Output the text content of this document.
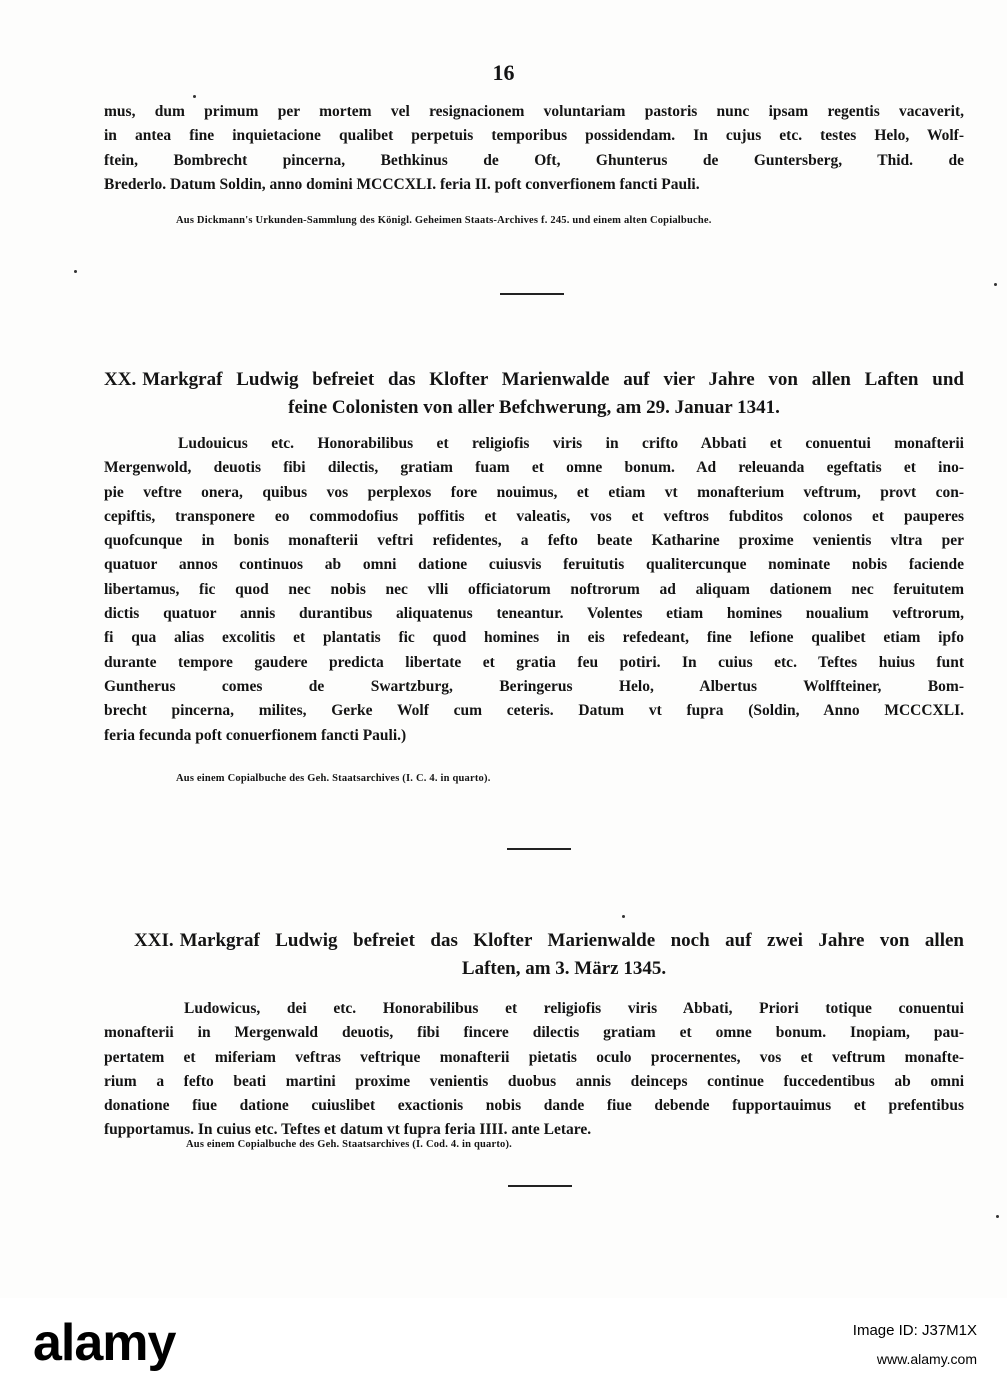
16
mus, dum primum per mortem vel resignacionem voluntariam pastoris nunc ipsam regentis vacaverit,
in antea fine inquietacione qualibet perpetuis temporibus possidendam. In cujus etc. testes Helo, Wolf-
ftein, Bombrecht pincerna, Bethkinus de Oft, Ghunterus de Guntersberg, Thid. de
Brederlo. Datum Soldin, anno domini MCCCXLI. feria II. poft converfionem fancti Pauli.
Aus Dickmann's Urkunden-Sammlung des Königl. Geheimen Staats-Archives f. 245. und einem alten Copialbuche.
XX. Markgraf Ludwig befreiet das Klofter Marienwalde auf vier Jahre von allen Laften und
feine Colonisten von aller Befchwerung, am 29. Januar 1341.
Ludouicus etc. Honorabilibus et religiofis viris in crifto Abbati et conuentui monafterii
Mergenwold, deuotis fibi dilectis, gratiam fuam et omne bonum. Ad releuanda egeftatis et ino-
pie veftre onera, quibus vos perplexos fore nouimus, et etiam vt monafterium veftrum, provt con-
cepiftis, transponere eo commodofius poffitis et valeatis, vos et veftros fubditos colonos et pauperes
quofcunque in bonis monafterii veftri refidentes, a fefto beate Katharine proxime venientis vltra per
quatuor annos continuos ab omni datione cuiusvis feruitutis qualitercunque nominate nobis faciende
libertamus, fic quod nec nobis nec vlli officiatorum noftrorum ad aliquam dationem nec feruitutem
dictis quatuor annis durantibus aliquatenus teneantur. Volentes etiam homines noualium veftrorum,
fi qua alias excolitis et plantatis fic quod homines in eis refedeant, fine lefione qualibet etiam ipfo
durante tempore gaudere predicta libertate et gratia feu potiri. In cuius etc. Teftes huius funt
Guntherus comes de Swartzburg, Beringerus Helo, Albertus Wolffteiner, Bom-
brecht pincerna, milites, Gerke Wolf cum ceteris. Datum vt fupra (Soldin, Anno MCCCXLI.
feria fecunda poft conuerfionem fancti Pauli.)
Aus einem Copialbuche des Geh. Staatsarchives (I. C. 4. in quarto).
XXI. Markgraf Ludwig befreiet das Klofter Marienwalde noch auf zwei Jahre von allen
Laften, am 3. März 1345.
Ludowicus, dei etc. Honorabilibus et religiofis viris Abbati, Priori totique conuentui
monafterii in Mergenwald deuotis, fibi fincere dilectis gratiam et omne bonum. Inopiam, pau-
pertatem et miferiam veftras veftrique monafterii pietatis oculo procernentes, vos et veftrum monafte-
rium a fefto beati martini proxime venientis duobus annis deinceps continue fuccedentibus ab omni
donatione fiue datione cuiuslibet exactionis nobis dande fiue debende fupportauimus et prefentibus
fupportamus. In cuius etc. Teftes et datum vt fupra feria IIII. ante Letare.
Aus einem Copialbuche des Geh. Staatsarchives (I. Cod. 4. in quarto).
alamy	Image ID: J37M1X
www.alamy.com
